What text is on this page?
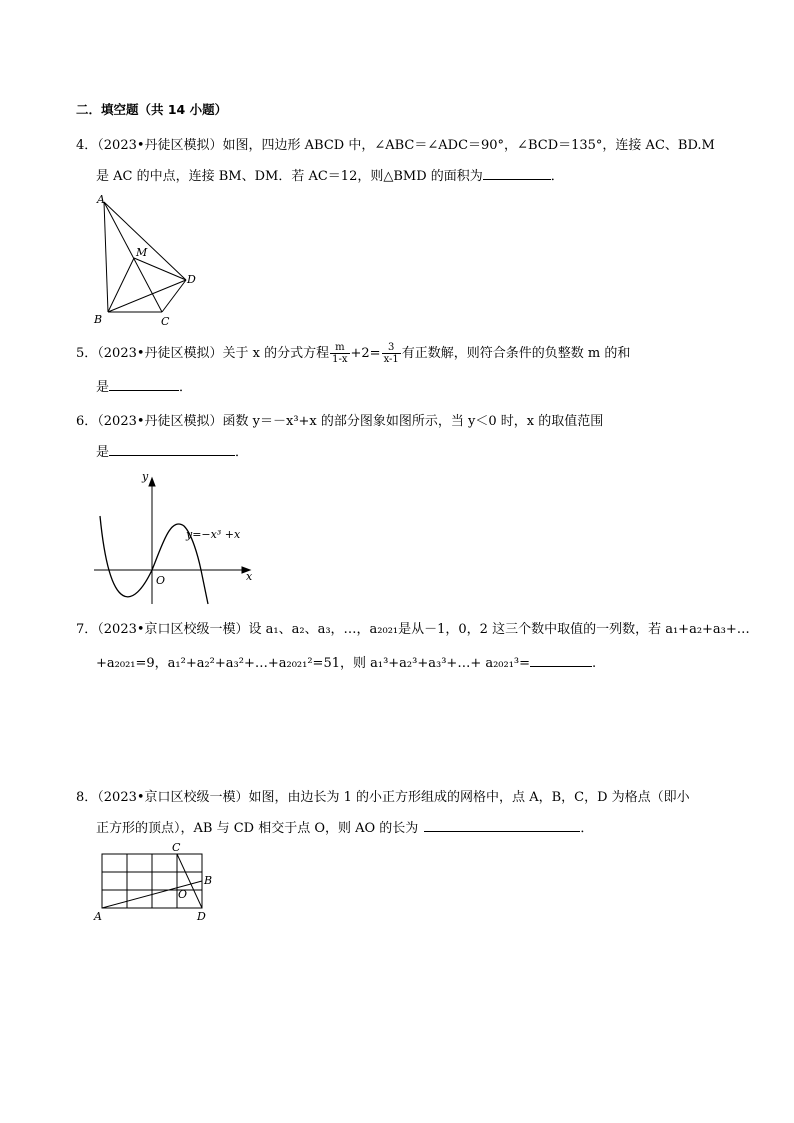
二．填空题（共 14 小题）
4．（2023•丹徒区模拟）如图，四边形 ABCD 中，∠ABC＝∠ADC＝90°，∠BCD＝135°，连接 AC、BD.M
是 AC 的中点，连接 BM、DM．若 AC＝12，则△BMD 的面积为	．
A
M
D
B	C
5．（2023•丹徒区模拟）关于 x 的分式方程 $\frac{m}{1-x} +2= \frac{3}{x-1}$ 有正数解，则符合条件的负整数 m 的和
是	．
6．（2023•丹徒区模拟）函数 y＝－x³+x 的部分图象如图所示，当 y＜0 时，x 的取值范围
是	．
y
x
O
y=−x³ +x
7．（2023•京口区校级一模）设 a₁、a₂、a₃，…，a₂₀₂₁是从－1，0，2 这三个数中取值的一列数，若 a₁+a₂+a₃+…
+a₂₀₂₁=9，a₁²+a₂²+a₃²+…+a₂₀₂₁²=51，则 a₁³+a₂³+a₃³+…+ a₂₀₂₁³=	.
8．（2023•京口区校级一模）如图，由边长为 1 的小正方形组成的网格中，点 A，B，C，D 为格点（即小
正方形的顶点），AB 与 CD 相交于点 O，则 AO 的长为	．
C
B
O
A	D
